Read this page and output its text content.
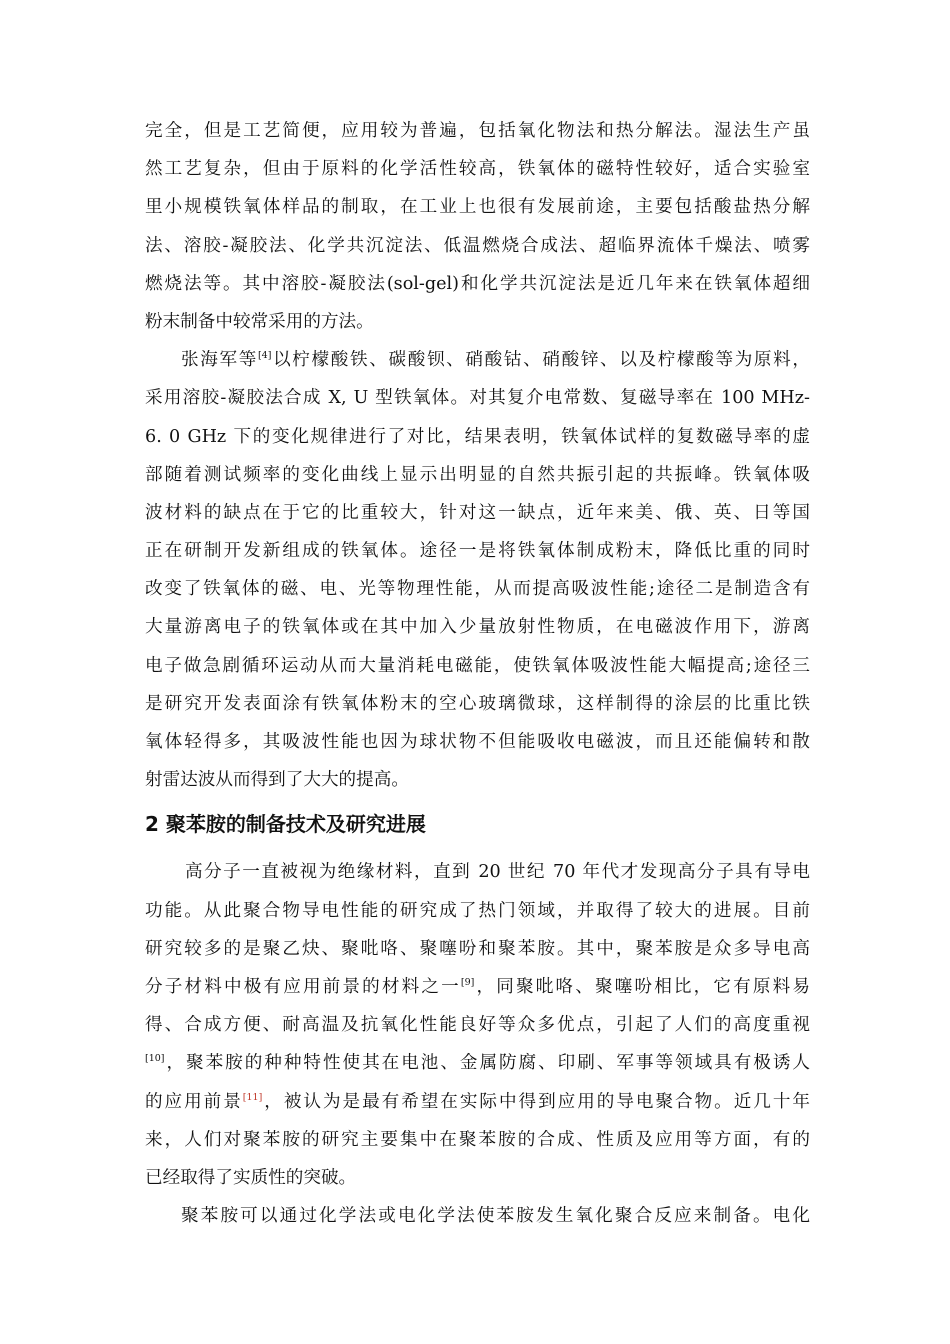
完全，但是工艺简便，应用较为普遍，包括氧化物法和热分解法。湿法生产虽
然工艺复杂，但由于原料的化学活性较高，铁氧体的磁特性较好，适合实验室
里小规模铁氧体样品的制取，在工业上也很有发展前途，主要包括酸盐热分解
法、溶胶-凝胶法、化学共沉淀法、低温燃烧合成法、超临界流体千燥法、喷雾
燃烧法等。其中溶胶-凝胶法(sol-gel)和化学共沉淀法是近几年来在铁氧体超细
粉末制备中较常采用的方法。
张海军等[4]以柠檬酸铁、碳酸钡、硝酸钴、硝酸锌、以及柠檬酸等为原料，
采用溶胶-凝胶法合成 X, U 型铁氧体。对其复介电常数、复磁导率在 100 MHz-
6. 0 GHz 下的变化规律进行了对比，结果表明，铁氧体试样的复数磁导率的虚
部随着测试频率的变化曲线上显示出明显的自然共振引起的共振峰。铁氧体吸
波材料的缺点在于它的比重较大，针对这一缺点，近年来美、俄、英、日等国
正在研制开发新组成的铁氧体。途径一是将铁氧体制成粉末，降低比重的同时
改变了铁氧体的磁、电、光等物理性能，从而提高吸波性能;途径二是制造含有
大量游离电子的铁氧体或在其中加入少量放射性物质，在电磁波作用下，游离
电子做急剧循环运动从而大量消耗电磁能，使铁氧体吸波性能大幅提高;途径三
是研究开发表面涂有铁氧体粉末的空心玻璃微球，这样制得的涂层的比重比铁
氧体轻得多，其吸波性能也因为球状物不但能吸收电磁波，而且还能偏转和散
射雷达波从而得到了大大的提高。
2 聚苯胺的制备技术及研究进展
高分子一直被视为绝缘材料，直到 20 世纪 70 年代才发现高分子具有导电
功能。从此聚合物导电性能的研究成了热门领域，并取得了较大的进展。目前
研究较多的是聚乙炔、聚吡咯、聚噻吩和聚苯胺。其中，聚苯胺是众多导电高
分子材料中极有应用前景的材料之一[9]，同聚吡咯、聚噻吩相比，它有原料易
得、合成方便、耐高温及抗氧化性能良好等众多优点，引起了人们的高度重视
[10]，聚苯胺的种种特性使其在电池、金属防腐、印刷、军事等领域具有极诱人
的应用前景[11]，被认为是最有希望在实际中得到应用的导电聚合物。近几十年
来，人们对聚苯胺的研究主要集中在聚苯胺的合成、性质及应用等方面，有的
已经取得了实质性的突破。
聚苯胺可以通过化学法或电化学法使苯胺发生氧化聚合反应来制备。电化
